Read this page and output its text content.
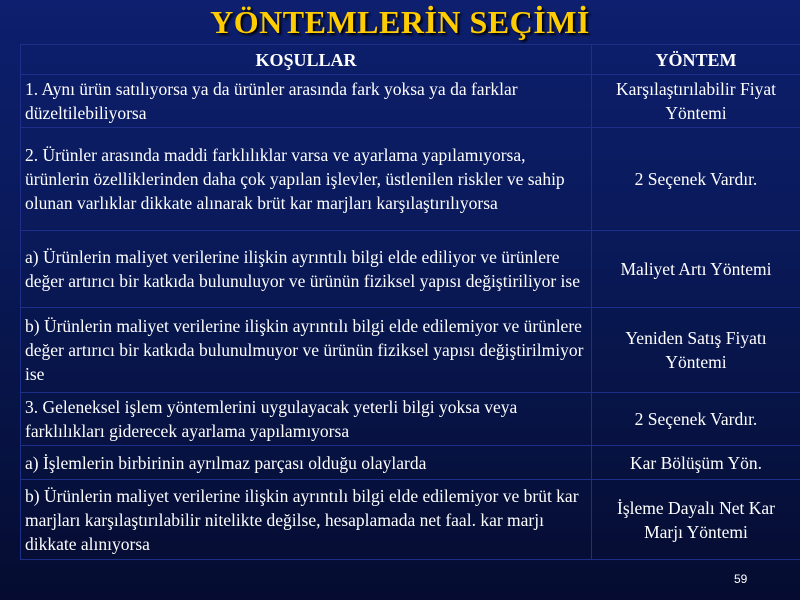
YÖNTEMLERİN SEÇİMİ
KOŞULLAR	YÖNTEM
1. Aynı ürün satılıyorsa ya da ürünler arasında fark yoksa ya da farklar düzeltilebiliyorsa	Karşılaştırılabilir Fiyat Yöntemi
2. Ürünler arasında maddi farklılıklar varsa ve ayarlama yapılamıyorsa, ürünlerin özelliklerinden daha çok yapılan işlevler, üstlenilen riskler ve sahip olunan varlıklar dikkate alınarak brüt kar marjları karşılaştırılıyorsa	2 Seçenek Vardır.
a) Ürünlerin maliyet verilerine ilişkin ayrıntılı bilgi elde ediliyor ve ürünlere değer artırıcı bir katkıda bulunuluyor ve ürünün fiziksel yapısı değiştiriliyor ise	Maliyet Artı Yöntemi
b) Ürünlerin maliyet verilerine ilişkin ayrıntılı bilgi elde edilemiyor ve ürünlere değer artırıcı bir katkıda bulunulmuyor ve ürünün fiziksel yapısı değiştirilmiyor ise	Yeniden Satış Fiyatı Yöntemi
3. Geleneksel işlem yöntemlerini uygulayacak yeterli bilgi yoksa veya farklılıkları giderecek ayarlama yapılamıyorsa	2 Seçenek Vardır.
a) İşlemlerin birbirinin ayrılmaz parçası olduğu olaylarda	Kar Bölüşüm Yön.
b) Ürünlerin maliyet verilerine ilişkin ayrıntılı bilgi elde edilemiyor ve brüt kar marjları karşılaştırılabilir nitelikte değilse, hesaplamada net faal. kar marjı dikkate alınıyorsa	İşleme Dayalı Net Kar Marjı Yöntemi
59
